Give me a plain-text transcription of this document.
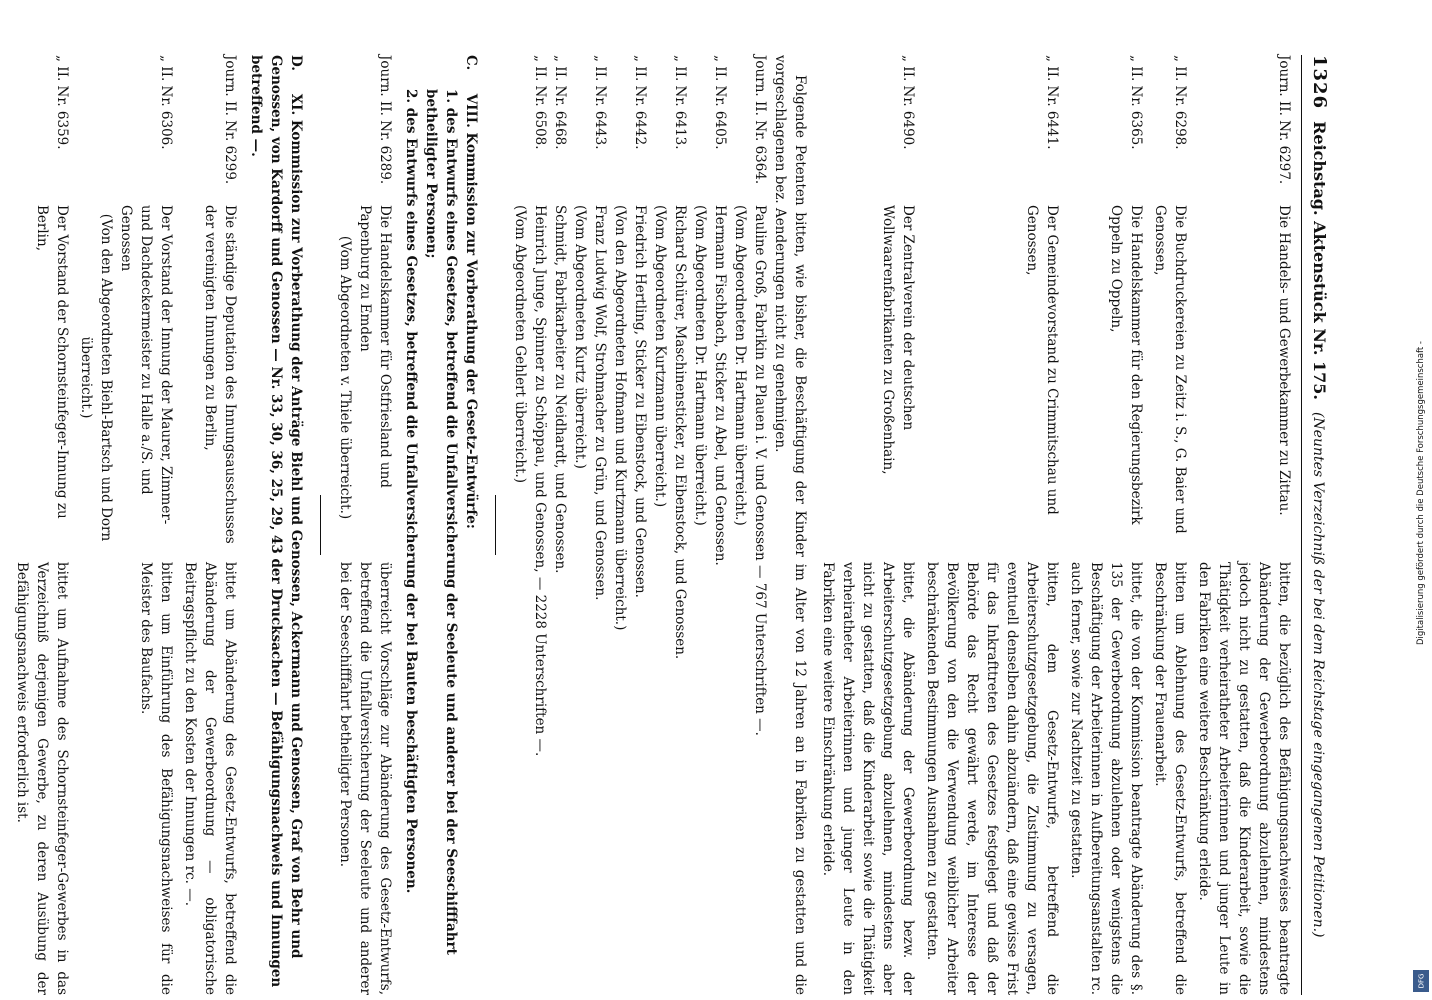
1326
Reichstag. Aktenstück Nr. 175.
(Neuntes Verzeichniß der bei dem Reichstage eingegangenen Petitionen.)
Journ. II. Nr. 6297.
Die Handels- und Gewerbekammer zu Zittau.
bitten, die bezüglich des Befähigungsnachweises beantragte Abänderung der Gewerbeordnung abzulehnen, mindestens jedoch nicht zu gestatten, daß die Kinderarbeit, sowie die Thätigkeit verheiratheter Arbeiterinnen und junger Leute in den Fabriken eine weitere Beschränkung erleide.
„ II. Nr. 6298.
Die Buchdruckereien zu Zeitz i. S., G. Baier und Genossen,
bitten um Ablehnung des Gesetz-Entwurfs, betreffend die Beschränkung der Frauenarbeit.
„ II. Nr. 6365.
Die Handelskammer für den Regierungsbezirk Oppeln zu Oppeln,
bittet, die von der Kommission beantragte Abänderung des §. 135 der Gewerbeordnung abzulehnen oder wenigstens die Beschäftigung der Arbeiterinnen in Aufbereitungsanstalten rc. auch ferner, sowie zur Nachtzeit zu gestatten.
„ II. Nr. 6441.
Der Gemeindevorstand zu Crimmitschau und Genossen,
bitten, dem Gesetz-Entwurfe, betreffend die Arbeiterschutzgesetzgebung, die Zustimmung zu versagen, eventuell denselben dahin abzuändern, daß eine gewisse Frist für das Inkrafttreten des Gesetzes festgelegt und daß der Behörde das Recht gewährt werde, im Interesse der Bevölkerung von den die Verwendung weiblicher Arbeiter beschränkenden Bestimmungen Ausnahmen zu gestatten.
„ II. Nr. 6490.
Der Zentralverein der deutschen Wollwaarenfabrikanten zu Großenhain,
bittet, die Abänderung der Gewerbeordnung bezw. der Arbeiterschutzgesetzgebung abzulehnen, mindestens aber nicht zu gestatten, daß die Kinderarbeit sowie die Thätigkeit verheiratheter Arbeiterinnen und junger Leute in den Fabriken eine weitere Einschränkung erleide.
Folgende Petenten bitten, wie bisher, die Beschäftigung der Kinder im Alter von 12 Jahren an in Fabriken zu gestatten und die vorgeschlagenen bez. Aenderungen nicht zu genehmigen.
Journ. II. Nr. 6364.
Pauline Groß, Fabrikin zu Plauen i. V. und Genossen — 767 Unterschriften —.
(Vom Abgeordneten Dr. Hartmann überreicht.)
„ II. Nr. 6405.
Hermann Fischbach, Sticker zu Abel, und Genossen.
(Vom Abgeordneten Dr. Hartmann überreicht.)
„ II. Nr. 6413.
Richard Schürer, Maschinensticker, zu Eibenstock, und Genossen.
(Vom Abgeordneten Kurtzmann überreicht.)
„ II. Nr. 6442.
Friedrich Hertling, Sticker zu Eibenstock, und Genossen.
(Von den Abgeordneten Hofmann und Kurtzmann überreicht.)
„ II. Nr. 6443.
Franz Ludwig Wolf, Strohmacher zu Grün, und Genossen.
(Vom Abgeordneten Kurtz überreicht.)
„ II. Nr. 6468.
Schmidt, Fabrikarbeiter zu Neidhardt, und Genossen.
„ II. Nr. 6508.
Heinrich Junge, Spinner zu Schöppau, und Genossen, — 2228 Unterschriften —.
(Vom Abgeordneten Gehlert überreicht.)
C. VIII. Kommission zur Vorberathung der Gesetz-Entwürfe:
1. des Entwurfs eines Gesetzes, betreffend die Unfallversicherung der Seeleute und anderer bei der Seeschifffahrt betheiligter Personen;
2. des Entwurfs eines Gesetzes, betreffend die Unfallversicherung der bei Bauten beschäftigten Personen.
Journ. II. Nr. 6289.
Die Handelskammer für Ostfriesland und Papenburg zu Emden
(Vom Abgeordneten v. Thiele überreicht.)
überreicht Vorschläge zur Abänderung des Gesetz-Entwurfs, betreffend die Unfallversicherung der Seeleute und anderer bei der Seeschifffahrt betheiligter Personen.
D. XI. Kommission zur Vorberathung der Anträge Biehl und Genossen, Ackermann und Genossen, Graf von Behr und Genossen, von Kardorff und Genossen — Nr. 33, 30, 36, 25, 29, 43 der Drucksachen — Befähigungsnachweis und Innungen betreffend —.
Journ. II. Nr. 6299.
Die ständige Deputation des Innungsausschusses der vereinigten Innungen zu Berlin,
bittet um Abänderung des Gesetz-Entwurfs, betreffend die Abänderung der Gewerbeordnung — obligatorische Beitragspflicht zu den Kosten der Innungen rc. —.
„ II. Nr. 6306.
Der Vorstand der Innung der Maurer, Zimmer- und Dachdeckermeister zu Halle a./S. und Genossen
(Von den Abgeordneten Biehl-Bartsch und Dorn überreicht.)
bitten um Einführung des Befähigungsnachweises für die Meister des Baufachs.
„ II. Nr. 6359.
Der Vorstand der Schornsteinfeger-Innung zu Berlin,
bittet um Aufnahme des Schornsteinfeger-Gewerbes in das Verzeichniß derjenigen Gewerbe, zu deren Ausübung der Befähigungsnachweis erforderlich ist.
Digitalisierung gefördert durch die Deutsche Forschungsgemeinschaft -
DFG
